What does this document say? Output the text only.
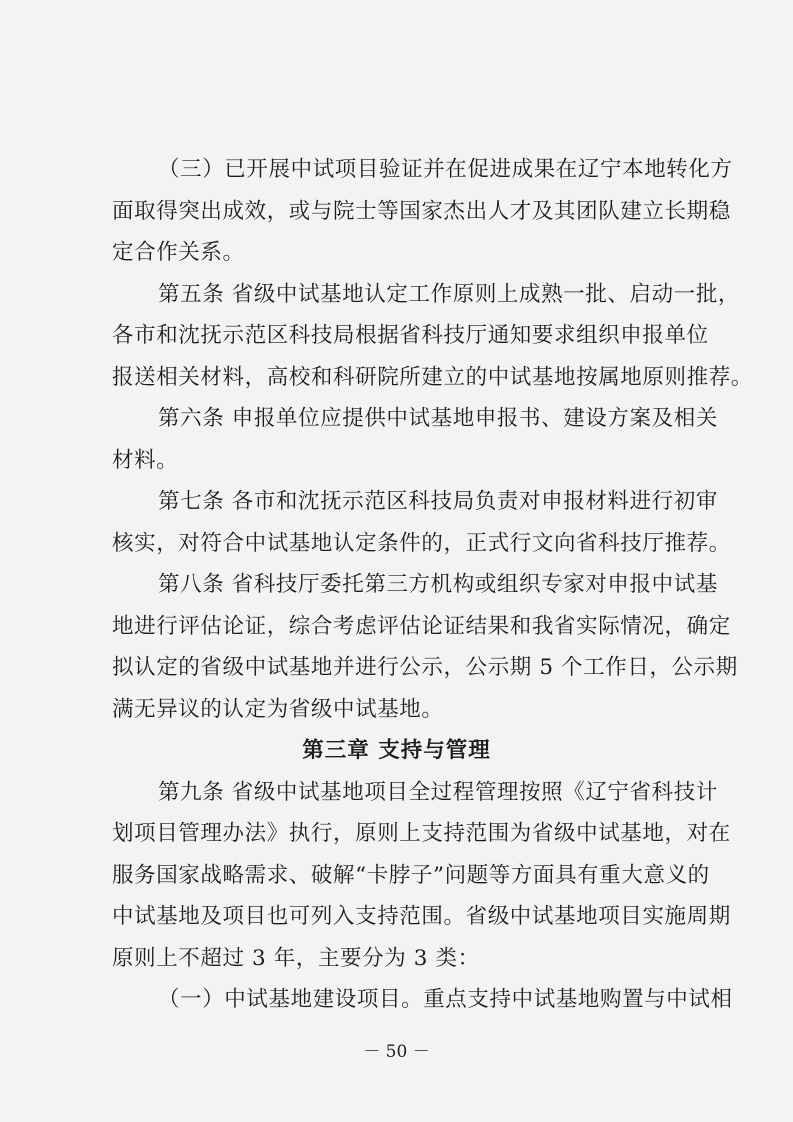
（三）已开展中试项目验证并在促进成果在辽宁本地转化方

面取得突出成效，或与院士等国家杰出人才及其团队建立长期稳

定合作关系。

第五条 省级中试基地认定工作原则上成熟一批、启动一批，

各市和沈抚示范区科技局根据省科技厅通知要求组织申报单位

报送相关材料，高校和科研院所建立的中试基地按属地原则推荐。

第六条 申报单位应提供中试基地申报书、建设方案及相关

材料。

第七条 各市和沈抚示范区科技局负责对申报材料进行初审

核实，对符合中试基地认定条件的，正式行文向省科技厅推荐。

第八条 省科技厅委托第三方机构或组织专家对申报中试基

地进行评估论证，综合考虑评估论证结果和我省实际情况，确定

拟认定的省级中试基地并进行公示，公示期 5 个工作日，公示期

满无异议的认定为省级中试基地。

第三章 支持与管理

第九条 省级中试基地项目全过程管理按照《辽宁省科技计

划项目管理办法》执行，原则上支持范围为省级中试基地，对在

服务国家战略需求、破解“卡脖子”问题等方面具有重大意义的

中试基地及项目也可列入支持范围。省级中试基地项目实施周期

原则上不超过 3 年，主要分为 3 类：

－ 50 －

（一）中试基地建设项目。重点支持中试基地购置与中试相
